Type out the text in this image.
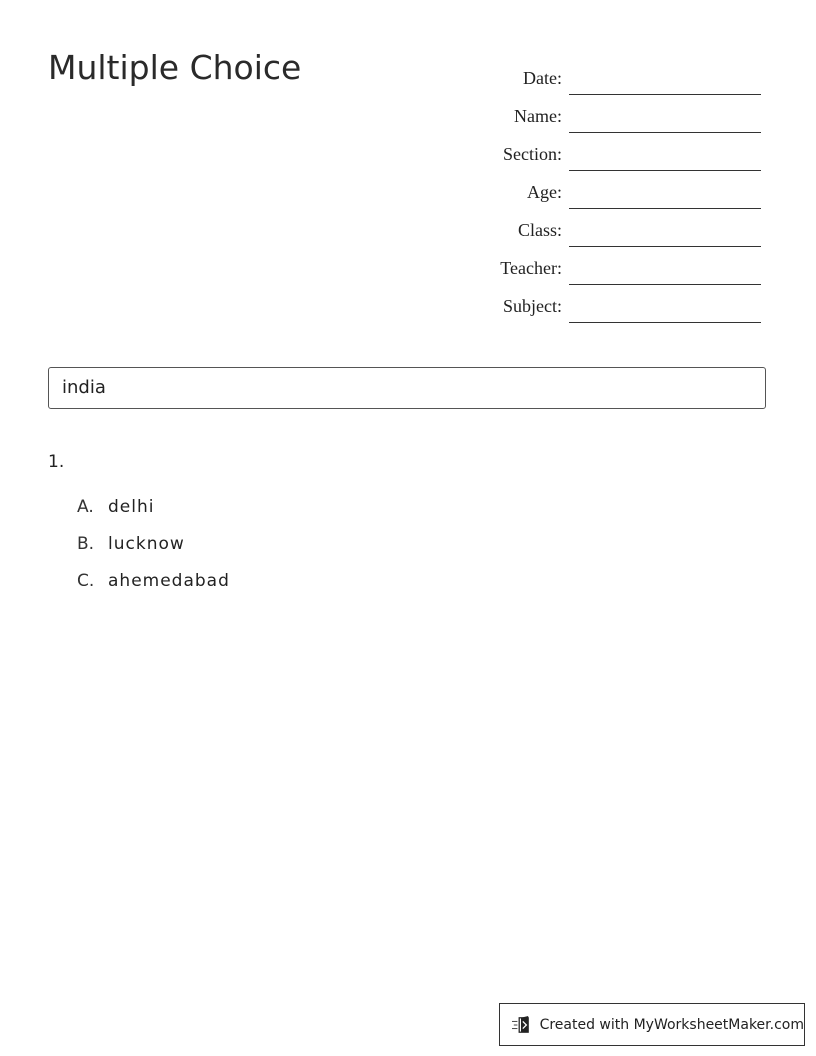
Multiple Choice	Date:
Name:
Section:
Age:
Class:
Teacher:
Subject:
india
1.
A. delhi
B. lucknow
C. ahemedabad
Created with MyWorksheetMaker.com
